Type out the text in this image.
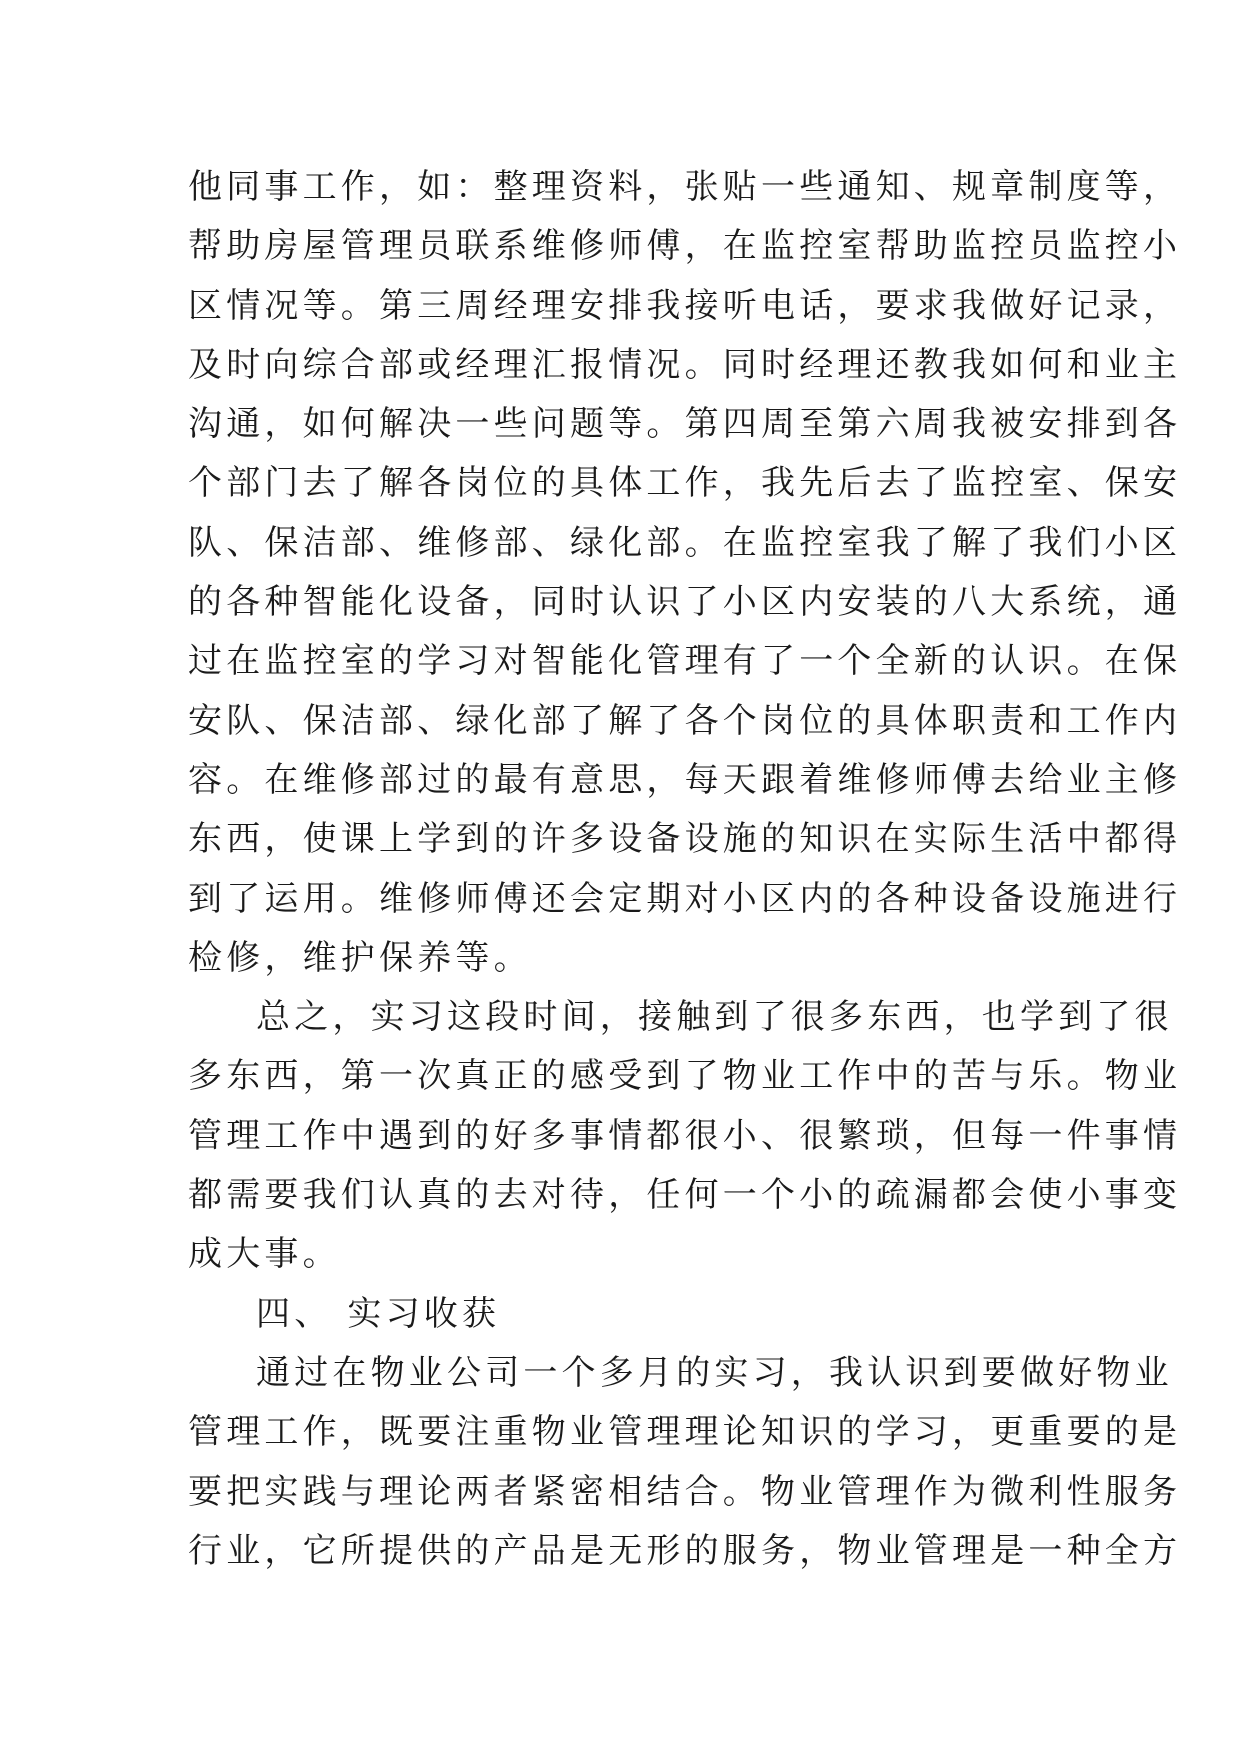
他同事工作，如：整理资料，张贴一些通知、规章制度等，
帮助房屋管理员联系维修师傅，在监控室帮助监控员监控小
区情况等。第三周经理安排我接听电话，要求我做好记录，
及时向综合部或经理汇报情况。同时经理还教我如何和业主
沟通，如何解决一些问题等。第四周至第六周我被安排到各
个部门去了解各岗位的具体工作，我先后去了监控室、保安
队、保洁部、维修部、绿化部。在监控室我了解了我们小区
的各种智能化设备，同时认识了小区内安装的八大系统，通
过在监控室的学习对智能化管理有了一个全新的认识。在保
安队、保洁部、绿化部了解了各个岗位的具体职责和工作内
容。在维修部过的最有意思，每天跟着维修师傅去给业主修
东西，使课上学到的许多设备设施的知识在实际生活中都得
到了运用。维修师傅还会定期对小区内的各种设备设施进行
检修，维护保养等。
总之，实习这段时间，接触到了很多东西，也学到了很
多东西，第一次真正的感受到了物业工作中的苦与乐。物业
管理工作中遇到的好多事情都很小、很繁琐，但每一件事情
都需要我们认真的去对待，任何一个小的疏漏都会使小事变
成大事。
四、 实习收获
通过在物业公司一个多月的实习，我认识到要做好物业
管理工作，既要注重物业管理理论知识的学习，更重要的是
要把实践与理论两者紧密相结合。物业管理作为微利性服务
行业，它所提供的产品是无形的服务，物业管理是一种全方
